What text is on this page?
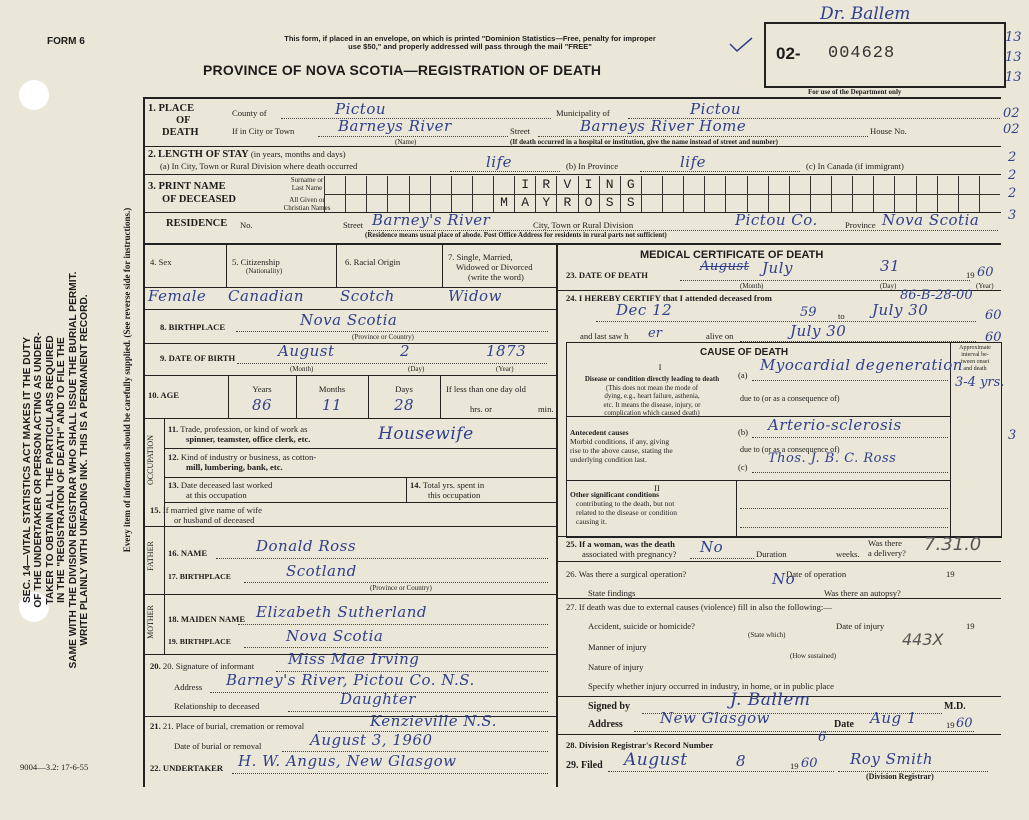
SEC. 14—VITAL STATISTICS ACT MAKES IT THE DUTY OF THE UNDERTAKER OR PERSON ACTING AS UNDER- TAKER TO OBTAIN ALL THE PARTICULARS REQUIRED IN THE "REGISTRATION OF DEATH" AND TO FILE THE SAME WITH THE DIVISION REGISTRAR WHO SHALL ISSUE THE BURIAL PERMIT. WRITE PLAINLY WITH UNFADING INK. THIS IS A PERMANENT RECORD.	Every item of information should be carefully supplied. (See reverse side for instructions.)
9004—3.2: 17-6-55
FORM 6	This form, if placed in an envelope, on which is printed "Dominion Statistics—Free, penalty for improper
use $50," and properly addressed will pass through the mail "FREE"
PROVINCE OF NOVA SCOTIA—REGISTRATION OF DEATH
02- 004628
Dr. Ballem
For use of the Department only
13
13
13
02
02
2
2
2
3
3
1. PLACE
OF
DEATH
County of	Pictou	Municipality of	Pictou
If in City or Town	Barneys River	Street	Barneys River Home	House No.
(Name)	(If death occurred in a hospital or institution, give the name instead of street and number)
2. LENGTH OF STAY (in years, months and days)
(a) In City, Town or Rural Division where death occurred	life	(b) In Province	life	(c) In Canada (if immigrant)
3. PRINT NAME
OF DECEASED
Surname or
Last Name
All Given or
Christian Names
I	R	V	I	N	G
M	A	Y	R	O	S	S
RESIDENCE No.	Street Barney's River	City, Town or Rural Division	Pictou Co.	Province Nova Scotia
(Residence means usual place of abode. Post Office Address for residents in rural parts not sufficient)
4. Sex	5. Citizenship
(Nationality)
6. Racial Origin	7. Single, Married,
Widowed or Divorced
(write the word)
Female Canadian Scotch	Widow
8. BIRTHPLACE	Nova Scotia
(Province or Country)
9. DATE OF BIRTH	August	2	1873
(Month)	(Day)	(Year)
10. AGE
Years	Months	Days
86	11	28
If less than one day old
hrs. or	min.
OCCUPATION
11. Trade, profession, or kind of work as
spinner, teamster, office clerk, etc.	Housewife
12. Kind of industry or business, as cotton-
mill, lumbering, bank, etc.
13. Date deceased last worked
at this occupation
14. Total yrs. spent in
this occupation
15. If married give name of wife
or husband of deceased
FATHER 16. NAME	Donald Ross
17. BIRTHPLACE	Scotland
(Province or Country)
MOTHER 18. MAIDEN NAME Elizabeth Sutherland
19. BIRTHPLACE	Nova Scotia
20. 20. Signature of informant Miss Mae Irving
Address Barney's River, Pictou Co. N.S.
Relationship to deceased	Daughter
21. 21. Place of burial, cremation or removal	Kenzieville N.S.
Date of burial or removal	August 3, 1960
22. UNDERTAKER H. W. Angus, New Glasgow
MEDICAL CERTIFICATE OF DEATH
23. DATE OF DEATH
August July	31	19 60
(Month)	(Day)	(Year)
24. I HEREBY CERTIFY that I attended deceased from	86-B-28-00
Dec 12	59 to July 30	60
and last saw h er	alive on	July 30	60
CAUSE OF DEATH	Approximate
interval be-
tween onset
and death
I
Disease or condition directly leading to death
(This does not mean the mode of
dying, e.g., heart failure, asthenia,
etc. It means the disease, injury, or
complication which caused death)
(a)
Myocardial degeneration
3-4 yrs.
due to (or as a consequence of)
Antecedent causes
Morbid conditions, if any, giving
rise to the above cause, stating the
underlying condition last.
(b) Arterio-sclerosis
due to (or as a consequence of)
(c)
Thos. J. B. C. Ross
II
Other significant conditions
contributing to the death, but not
related to the disease or condition
causing it.
25. If a woman, was the death
associated with pregnancy? No	Duration	weeks.
Was there
a delivery?
26. Was there a surgical operation?	No
Date of operation	19
State findings	Was there an autopsy?
27. If death was due to external causes (violence) fill in also the following:—
Accident, suicide or homicide?	Date of injury	19
(State which)
Manner of injury	443X
(How sustained)
Nature of injury
Specify whether injury occurred in industry, in home, or in public place
Signed by	J. Ballem	M.D.
Address New Glasgow	Date Aug 1	19 60
28. Division Registrar's Record Number	6
29. Filed August	8	19 60 Roy Smith
(Division Registrar)
7.31.0
